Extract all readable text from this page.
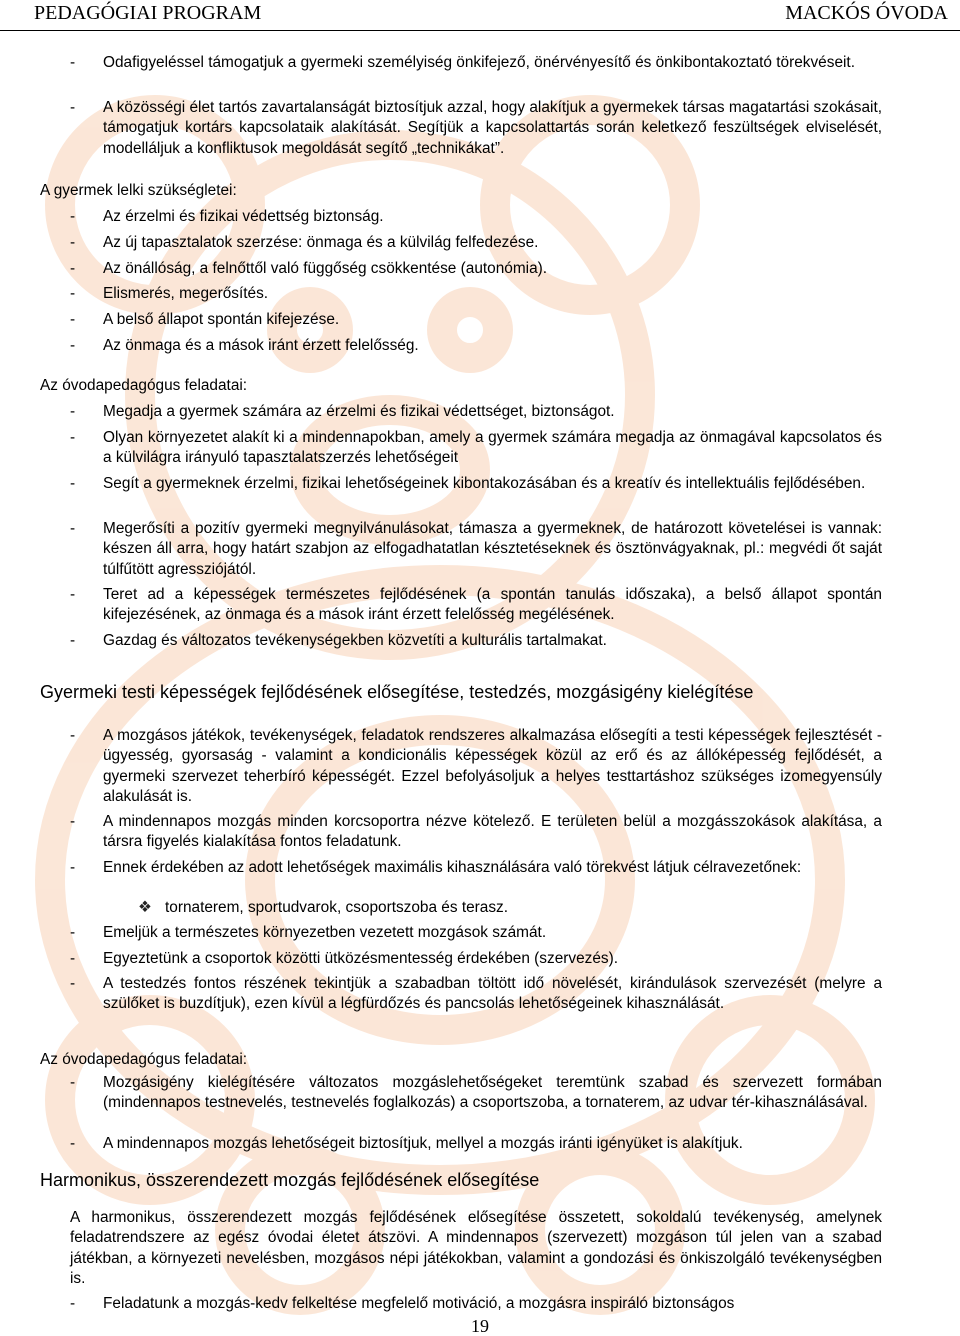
PEDAGÓGIAI PROGRAM	MACKÓS ÓVODA
- Odafigyeléssel támogatjuk a gyermeki személyiség önkifejező, önérvényesítő és önkibontakoztató törekvéseit.
- A közösségi élet tartós zavartalanságát biztosítjuk azzal, hogy alakítjuk a gyermekek társas magatartási szokásait, támogatjuk kortárs kapcsolataik alakítását. Segítjük a kapcsolattartás során keletkező feszültségek elviselését, modelláljuk a konfliktusok megoldását segítő „technikákat”.
A gyermek lelki szükségletei:
- Az érzelmi és fizikai védettség biztonság.
- Az új tapasztalatok szerzése: önmaga és a külvilág felfedezése.
- Az önállóság, a felnőttől való függőség csökkentése (autonómia).
- Elismerés, megerősítés.
- A belső állapot spontán kifejezése.
- Az önmaga és a mások iránt érzett felelősség.
Az óvodapedagógus feladatai:
- Megadja a gyermek számára az érzelmi és fizikai védettséget, biztonságot.
- Olyan környezetet alakít ki a mindennapokban, amely a gyermek számára megadja az önmagával kapcsolatos és a külvilágra irányuló tapasztalatszerzés lehetőségeit
- Segít a gyermeknek érzelmi, fizikai lehetőségeinek kibontakozásában és a kreatív és intellektuális fejlődésében.
- Megerősíti a pozitív gyermeki megnyilvánulásokat, támasza a gyermeknek, de határozott követelései is vannak: készen áll arra, hogy határt szabjon az elfogadhatatlan késztetéseknek és ösztönvágyaknak, pl.: megvédi őt saját túlfűtött agressziójától.
- Teret ad a képességek természetes fejlődésének (a spontán tanulás időszaka), a belső állapot spontán kifejezésének, az önmaga és a mások iránt érzett felelősség megélésének.
- Gazdag és változatos tevékenységekben közvetíti a kulturális tartalmakat.
Gyermeki testi képességek fejlődésének elősegítése, testedzés, mozgásigény kielégítése
- A mozgásos játékok, tevékenységek, feladatok rendszeres alkalmazása elősegíti a testi képességek fejlesztését - ügyesség, gyorsaság - valamint a kondicionális képességek közül az erő és az állóképesség fejlődését, a gyermeki szervezet teherbíró képességét. Ezzel befolyásoljuk a helyes testtartáshoz szükséges izomegyensúly alakulását is.
- A mindennapos mozgás minden korcsoportra nézve kötelező. E területen belül a mozgásszokások alakítása, a társra figyelés kialakítása fontos feladatunk.
- Ennek érdekében az adott lehetőségek maximális kihasználására való törekvést látjuk célravezetőnek:
❖ tornaterem, sportudvarok, csoportszoba és terasz.
- Emeljük a természetes környezetben vezetett mozgások számát.
- Egyeztetünk a csoportok közötti ütközésmentesség érdekében (szervezés).
- A testedzés fontos részének tekintjük a szabadban töltött idő növelését, kirándulások szervezését (melyre a szülőket is buzdítjuk), ezen kívül a légfürdőzés és pancsolás lehetőségeinek kihasználását.
Az óvodapedagógus feladatai:
- Mozgásigény kielégítésére változatos mozgáslehetőségeket teremtünk szabad és szervezett formában (mindennapos testnevelés, testnevelés foglalkozás) a csoportszoba, a tornaterem, az udvar tér-kihasználásával.
- A mindennapos mozgás lehetőségeit biztosítjuk, mellyel a mozgás iránti igényüket is alakítjuk.
Harmonikus, összerendezett mozgás fejlődésének elősegítése
A harmonikus, összerendezett mozgás fejlődésének elősegítése összetett, sokoldalú tevékenység, amelynek feladatrendszere az egész óvodai életet átszövi. A mindennapos (szervezett) mozgáson túl jelen van a szabad játékban, a környezeti nevelésben, mozgásos népi játékokban, valamint a gondozási és önkiszolgáló tevékenységben is.
- Feladatunk a mozgás-kedv felkeltése megfelelő motiváció, a mozgásra inspiráló biztonságos
19
